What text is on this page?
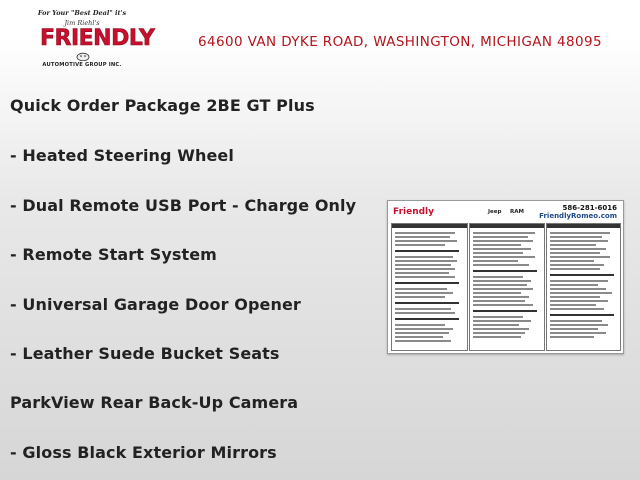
For Your "Best Deal" it's
Jim Riehl's
FRIENDLY
AUTOMOTIVE GROUP INC.
64600 VAN DYKE ROAD, WASHINGTON, MICHIGAN 48095
Quick Order Package 2BE GT Plus
- Heated Steering Wheel
- Dual Remote USB Port - Charge Only
- Remote Start System
- Universal Garage Door Opener
- Leather Suede Bucket Seats
ParkView Rear Back-Up Camera
- Gloss Black Exterior Mirrors
Friendly	Jeep RAM	586-281-6016
FriendlyRomeo.com
